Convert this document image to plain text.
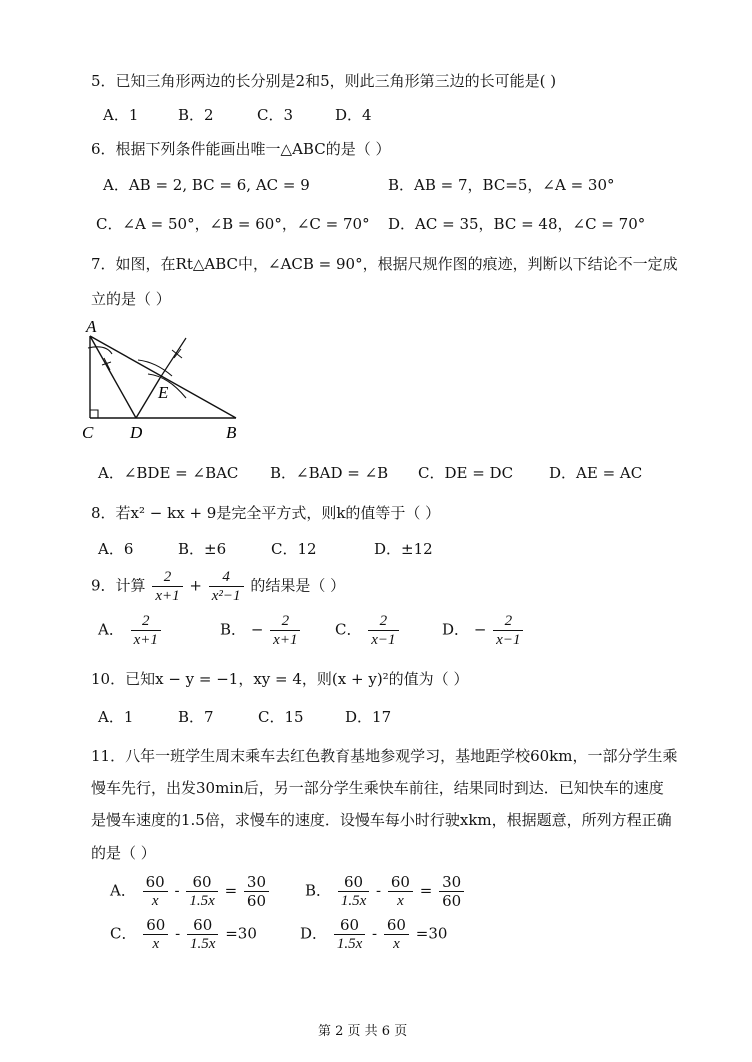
5．已知三角形两边的长分别是2和5，则此三角形第三边的长可能是( )
A．1	B．2	C．3	D．4
6．根据下列条件能画出唯一△ABC的是（ ）
A．AB = 2, BC = 6, AC = 9	B．AB = 7，BC=5，∠A = 30°
C．∠A = 50°，∠B = 60°，∠C = 70° D．AC = 35，BC = 48，∠C = 70°
7．如图，在Rt△ABC中，∠ACB = 90°，根据尺规作图的痕迹，判断以下结论不一定成
立的是（ ）
A
C D	B
E
A．∠BDE = ∠BAC B．∠BAD = ∠B C．DE = DC D．AE = AC
8．若x² − kx + 9是完全平方式，则k的值等于（ ）
A．6	B．±6	C．12	D．±12
9．计算 $\frac{2}{x+1} + \frac{4}{\text{x²−1}}$ 的结果是（ ）
A． $\frac{2}{x+1}$	B． − $\frac{2}{x+1}$ C． $\frac{2}{x-1}$	D． − $\frac{2}{x-1}$
10．已知x − y = −1，xy = 4，则(x + y)²的值为（ ）
A．1	B．7	C．15	D．17
11．八年一班学生周末乘车去红色教育基地参观学习，基地距学校60km，一部分学生乘
慢车先行，出发30min后，另一部分学生乘快车前往，结果同时到达．已知快车的速度
是慢车速度的1.5倍，求慢车的速度．设慢车每小时行驶xkm，根据题意，所列方程正确
的是（ ）
A． $\frac{60}{x} - \frac{60}{1.5x} = \frac{30}{60}$ B． $\frac{60}{1.5x} - \frac{60}{x} = \frac{30}{60}$
C． $\frac{60}{x} - \frac{60}{1.5x} =30$	D． $\frac{60}{1.5x} - \frac{60}{x} =30$
第 2 页 共 6 页
